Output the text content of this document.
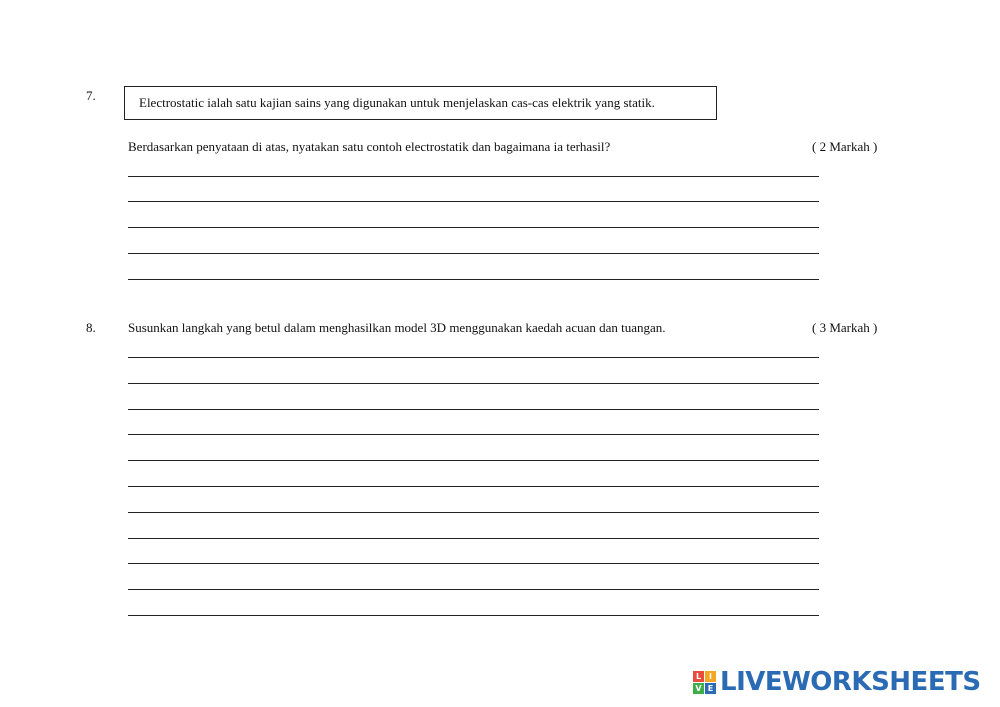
7.	Electrostatic ialah satu kajian sains yang digunakan untuk menjelaskan cas-cas elektrik yang statik.
Berdasarkan penyataan di atas, nyatakan satu contoh electrostatik dan bagaimana ia terhasil?	( 2 Markah )
8. Susunkan langkah yang betul dalam menghasilkan model 3D menggunakan kaedah acuan dan tuangan.	( 3 Markah )
L I
V E LIVEWORKSHEETS
